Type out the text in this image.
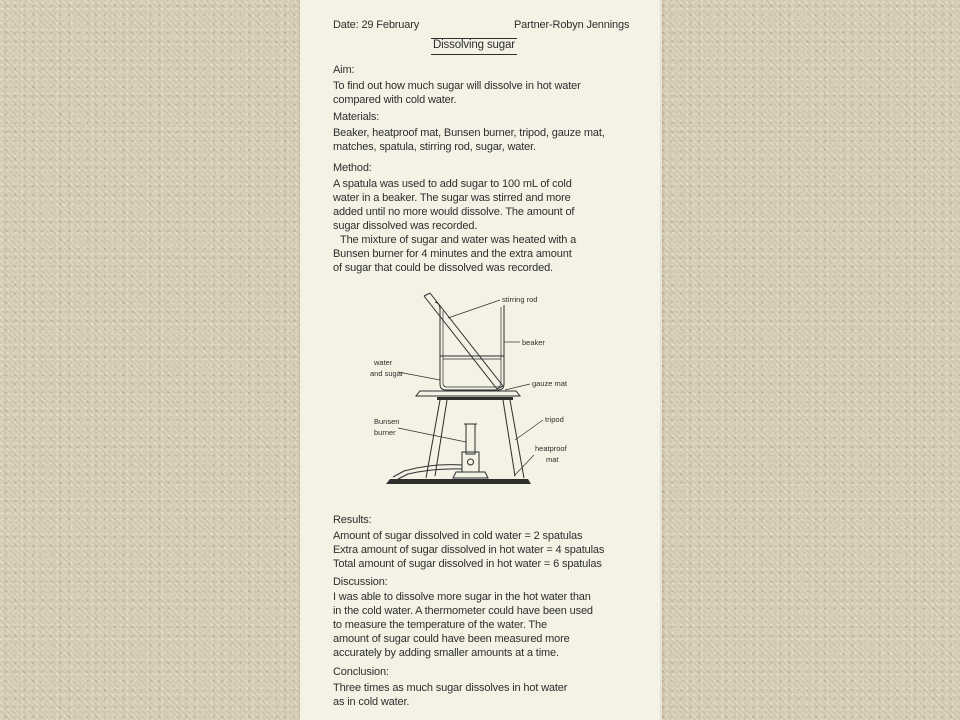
Date: 29 February	Partner-Robyn Jennings
Dissolving sugar
Aim:
To find out how much sugar will dissolve in hot water
compared with cold water.
Materials:
Beaker, heatproof mat, Bunsen burner, tripod, gauze mat,
matches, spatula, stirring rod, sugar, water.
Method:
A spatula was used to add sugar to 100 mL of cold
water in a beaker. The sugar was stirred and more
added until no more would dissolve. The amount of
sugar dissolved was recorded.
The mixture of sugar and water was heated with a
Bunsen burner for 4 minutes and the extra amount
of sugar that could be dissolved was recorded.
stirring rod
beaker
water
and sugar
gauze mat
tripod
Bunsen
burner
heatproof
mat
Results:
Amount of sugar dissolved in cold water = 2 spatulas
Extra amount of sugar dissolved in hot water = 4 spatulas
Total amount of sugar dissolved in hot water = 6 spatulas
Discussion:
I was able to dissolve more sugar in the hot water than
in the cold water. A thermometer could have been used
to measure the temperature of the water. The
amount of sugar could have been measured more
accurately by adding smaller amounts at a time.
Conclusion:
Three times as much sugar dissolves in hot water
as in cold water.
